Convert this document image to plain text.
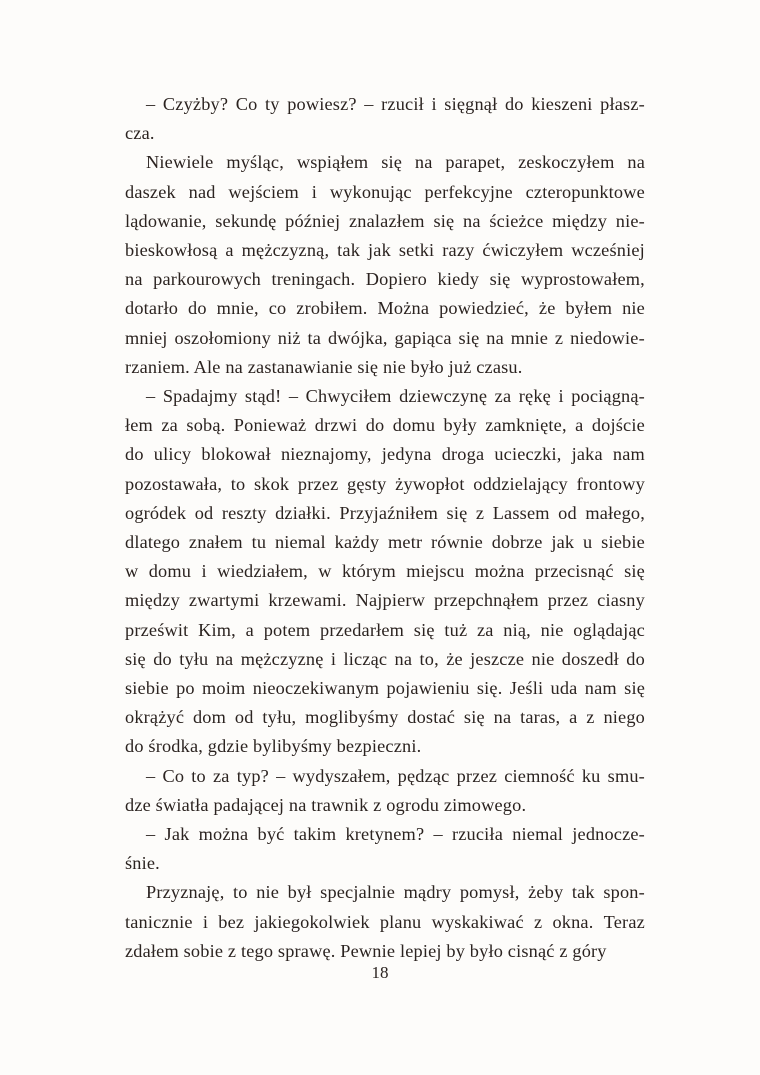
– Czyżby? Co ty powiesz? – rzucił i sięgnął do kieszeni płasz-
cza.
Niewiele myśląc, wspiąłem się na parapet, zeskoczyłem na
daszek nad wejściem i wykonując perfekcyjne czteropunktowe
lądowanie, sekundę później znalazłem się na ścieżce między nie-
bieskowłosą a mężczyzną, tak jak setki razy ćwiczyłem wcześniej
na parkourowych treningach. Dopiero kiedy się wyprostowałem,
dotarło do mnie, co zrobiłem. Można powiedzieć, że byłem nie
mniej oszołomiony niż ta dwójka, gapiąca się na mnie z niedowie-
rzaniem. Ale na zastanawianie się nie było już czasu.
– Spadajmy stąd! – Chwyciłem dziewczynę za rękę i pociągną-
łem za sobą. Ponieważ drzwi do domu były zamknięte, a dojście
do ulicy blokował nieznajomy, jedyna droga ucieczki, jaka nam
pozostawała, to skok przez gęsty żywopłot oddzielający frontowy
ogródek od reszty działki. Przyjaźniłem się z Lassem od małego,
dlatego znałem tu niemal każdy metr równie dobrze jak u siebie
w domu i wiedziałem, w którym miejscu można przecisnąć się
między zwartymi krzewami. Najpierw przepchnąłem przez ciasny
prześwit Kim, a potem przedarłem się tuż za nią, nie oglądając
się do tyłu na mężczyznę i licząc na to, że jeszcze nie doszedł do
siebie po moim nieoczekiwanym pojawieniu się. Jeśli uda nam się
okrążyć dom od tyłu, moglibyśmy dostać się na taras, a z niego
do środka, gdzie bylibyśmy bezpieczni.
– Co to za typ? – wydyszałem, pędząc przez ciemność ku smu-
dze światła padającej na trawnik z ogrodu zimowego.
– Jak można być takim kretynem? – rzuciła niemal jednocze-
śnie.
Przyznaję, to nie był specjalnie mądry pomysł, żeby tak spon-
tanicznie i bez jakiegokolwiek planu wyskakiwać z okna. Teraz
zdałem sobie z tego sprawę. Pewnie lepiej by było cisnąć z góry
18
